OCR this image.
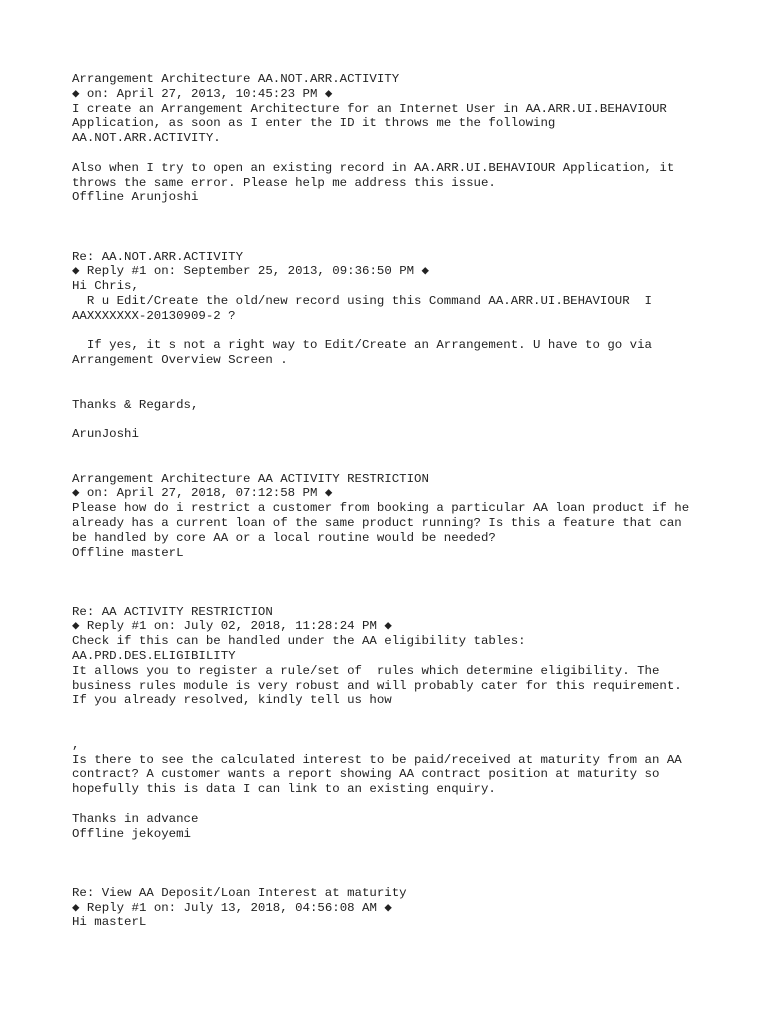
Arrangement Architecture AA.NOT.ARR.ACTIVITY
◆ on: April 27, 2013, 10:45:23 PM ◆
I create an Arrangement Architecture for an Internet User in AA.ARR.UI.BEHAVIOUR
Application, as soon as I enter the ID it throws me the following
AA.NOT.ARR.ACTIVITY.
Also when I try to open an existing record in AA.ARR.UI.BEHAVIOUR Application, it
throws the same error. Please help me address this issue.
Offline Arunjoshi
Re: AA.NOT.ARR.ACTIVITY
◆ Reply #1 on: September 25, 2013, 09:36:50 PM ◆
Hi Chris,
R u Edit/Create the old/new record using this Command AA.ARR.UI.BEHAVIOUR  I
AAXXXXXXX-20130909-2 ?
If yes, it s not a right way to Edit/Create an Arrangement. U have to go via
Arrangement Overview Screen .
Thanks & Regards,
ArunJoshi
Arrangement Architecture AA ACTIVITY RESTRICTION
◆ on: April 27, 2018, 07:12:58 PM ◆
Please how do i restrict a customer from booking a particular AA loan product if he
already has a current loan of the same product running? Is this a feature that can
be handled by core AA or a local routine would be needed?
Offline masterL
Re: AA ACTIVITY RESTRICTION
◆ Reply #1 on: July 02, 2018, 11:28:24 PM ◆
Check if this can be handled under the AA eligibility tables:
AA.PRD.DES.ELIGIBILITY
It allows you to register a rule/set of  rules which determine eligibility. The
business rules module is very robust and will probably cater for this requirement.
If you already resolved, kindly tell us how
,
Is there to see the calculated interest to be paid/received at maturity from an AA
contract? A customer wants a report showing AA contract position at maturity so
hopefully this is data I can link to an existing enquiry.
Thanks in advance
Offline jekoyemi
Re: View AA Deposit/Loan Interest at maturity
◆ Reply #1 on: July 13, 2018, 04:56:08 AM ◆
Hi masterL
